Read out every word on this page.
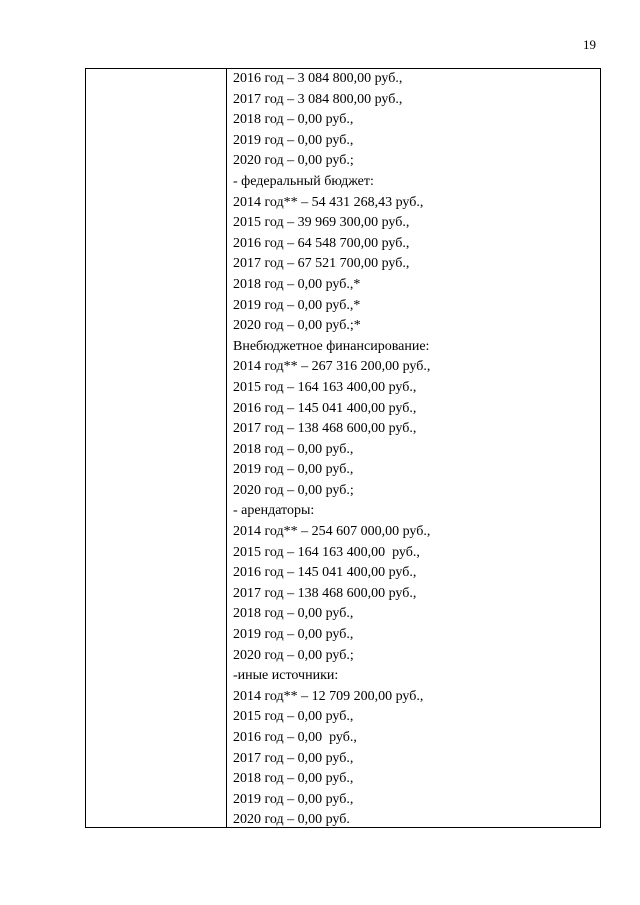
19
2016 год – 3 084 800,00 руб.,
2017 год – 3 084 800,00 руб.,
2018 год – 0,00 руб.,
2019 год – 0,00 руб.,
2020 год – 0,00 руб.;
- федеральный бюджет:
2014 год** – 54 431 268,43 руб.,
2015 год – 39 969 300,00 руб.,
2016 год – 64 548 700,00 руб.,
2017 год – 67 521 700,00 руб.,
2018 год – 0,00 руб.,*
2019 год – 0,00 руб.,*
2020 год – 0,00 руб.;*
Внебюджетное финансирование:
2014 год** – 267 316 200,00 руб.,
2015 год – 164 163 400,00 руб.,
2016 год – 145 041 400,00 руб.,
2017 год – 138 468 600,00 руб.,
2018 год – 0,00 руб.,
2019 год – 0,00 руб.,
2020 год – 0,00 руб.;
- арендаторы:
2014 год** – 254 607 000,00 руб.,
2015 год – 164 163 400,00  руб.,
2016 год – 145 041 400,00 руб.,
2017 год – 138 468 600,00 руб.,
2018 год – 0,00 руб.,
2019 год – 0,00 руб.,
2020 год – 0,00 руб.;
-иные источники:
2014 год** – 12 709 200,00 руб.,
2015 год – 0,00 руб.,
2016 год – 0,00  руб.,
2017 год – 0,00 руб.,
2018 год – 0,00 руб.,
2019 год – 0,00 руб.,
2020 год – 0,00 руб.
